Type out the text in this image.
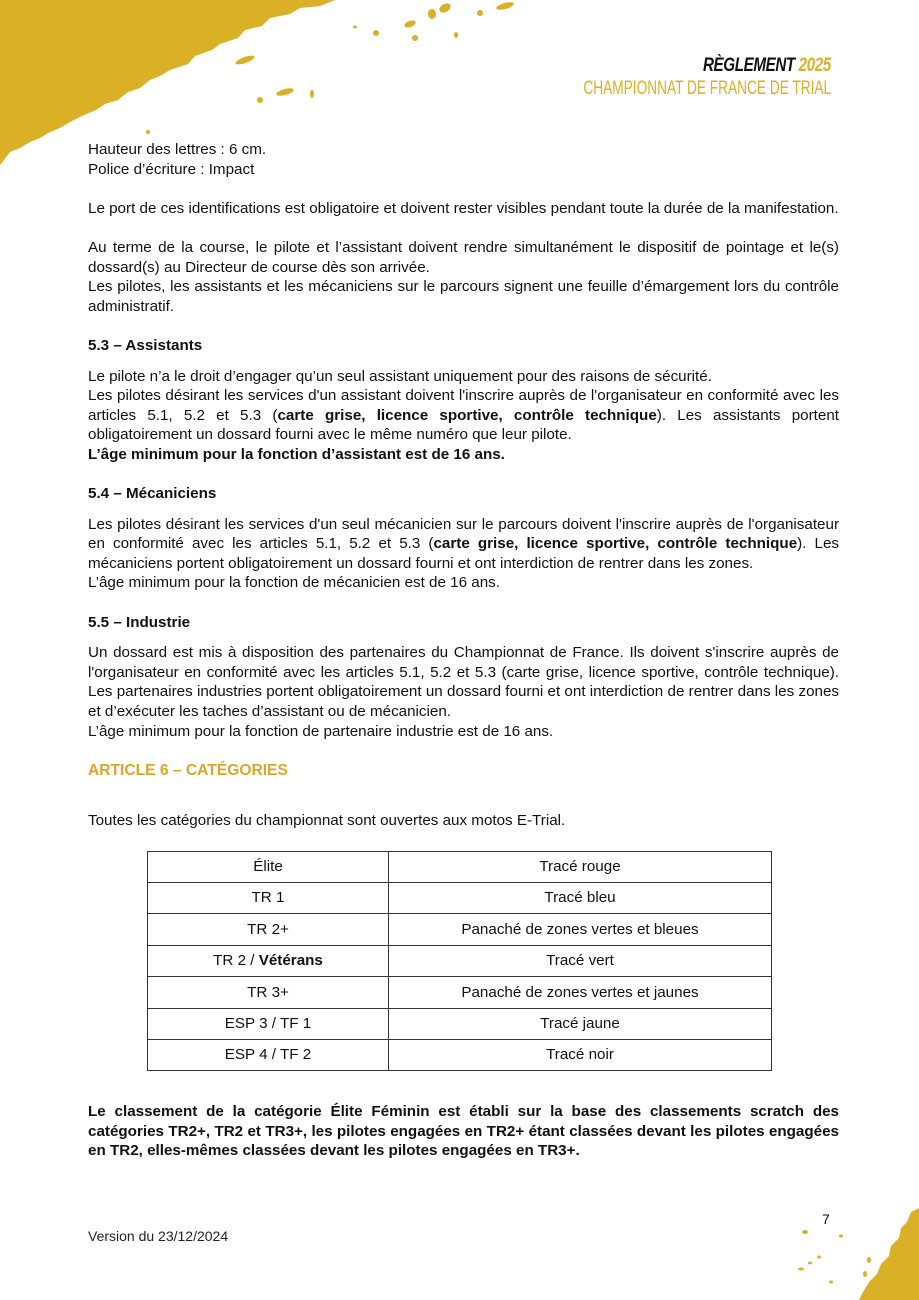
RÈGLEMENT 2025
CHAMPIONNAT DE FRANCE DE TRIAL

Hauteur des lettres : 6 cm.

Police d’écriture : Impact

Le port de ces identifications est obligatoire et doivent rester visibles pendant toute la durée de la manifestation.

Au terme de la course, le pilote et l’assistant doivent rendre simultanément le dispositif de pointage et le(s) dossard(s) au Directeur de course dès son arrivée.

Les pilotes, les assistants et les mécaniciens sur le parcours signent une feuille d’émargement lors du contrôle administratif.

5.3 – Assistants

Le pilote n’a le droit d’engager qu’un seul assistant uniquement pour des raisons de sécurité.

Les pilotes désirant les services d'un assistant doivent l'inscrire auprès de l'organisateur en conformité avec les articles 5.1, 5.2 et 5.3 (carte grise, licence sportive, contrôle technique). Les assistants portent obligatoirement un dossard fourni avec le même numéro que leur pilote.

L’âge minimum pour la fonction d’assistant est de 16 ans.

5.4 – Mécaniciens

Les pilotes désirant les services d'un seul mécanicien sur le parcours doivent l'inscrire auprès de l'organisateur en conformité avec les articles 5.1, 5.2 et 5.3 (carte grise, licence sportive, contrôle technique). Les mécaniciens portent obligatoirement un dossard fourni et ont interdiction de rentrer dans les zones.

L’âge minimum pour la fonction de mécanicien est de 16 ans.

5.5 – Industrie

Un dossard est mis à disposition des partenaires du Championnat de France. Ils doivent s'inscrire auprès de l'organisateur en conformité avec les articles 5.1, 5.2 et 5.3 (carte grise, licence sportive, contrôle technique). Les partenaires industries portent obligatoirement un dossard fourni et ont interdiction de rentrer dans les zones et d’exécuter les taches d’assistant ou de mécanicien.

L’âge minimum pour la fonction de partenaire industrie est de 16 ans.

ARTICLE 6 – CATÉGORIES

Toutes les catégories du championnat sont ouvertes aux motos E-Trial.

Élite	Tracé rouge
TR 1	Tracé bleu
TR 2+	Panaché de zones vertes et bleues
TR 2 / Vétérans	Tracé vert
TR 3+	Panaché de zones vertes et jaunes
ESP 3 / TF 1	Tracé jaune
ESP 4 / TF 2	Tracé noir

Le classement de la catégorie Élite Féminin est établi sur la base des classements scratch des catégories TR2+, TR2 et TR3+, les pilotes engagées en TR2+ étant classées devant les pilotes engagées en TR2, elles-mêmes classées devant les pilotes engagées en TR3+.

Version du 23/12/2024
7
